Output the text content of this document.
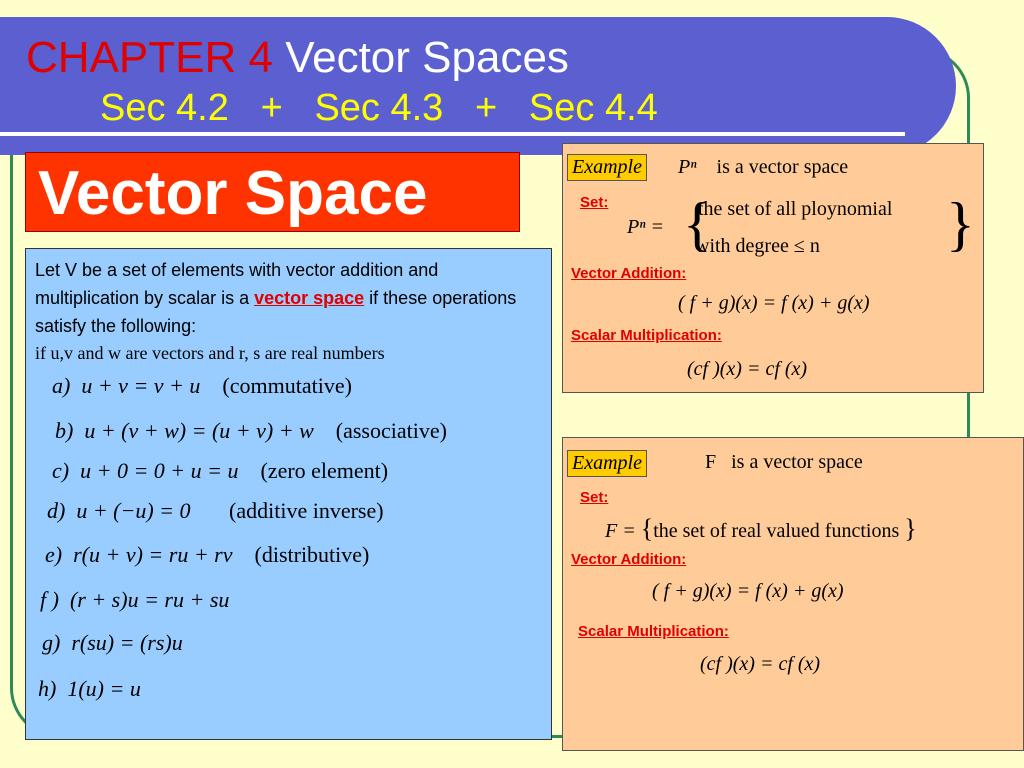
CHAPTER 4 Vector Spaces
Sec 4.2 + Sec 4.3 + Sec 4.4
Vector Space
Let V be a set of elements with vector addition and multiplication by scalar is a vector space if these operations satisfy the following:
if u,v and w are vectors and r, s are real numbers
a) u + v = v + u (commutative)
b) u + (v + w) = (u + v) + w (associative)
c) u + 0 = 0 + u = u (zero element)
d) u + (−u) = 0 (additive inverse)
e) r(u + v) = ru + rv (distributive)
f ) (r + s)u = ru + su
g) r(su) = (rs)u
h) 1(u) = u
Example Pⁿ is a vector space
Set:
Pⁿ = {
the set of all ploynomial
with degree ≤ n }
Vector Addition:
( f + g)(x) = f (x) + g(x)
Scalar Multiplication:
(cf )(x) = cf (x)
Example	F is a vector space
Set:
F = {the set of real valued functions }
Vector Addition:
( f + g)(x) = f (x) + g(x)
Scalar Multiplication:
(cf )(x) = cf (x)
